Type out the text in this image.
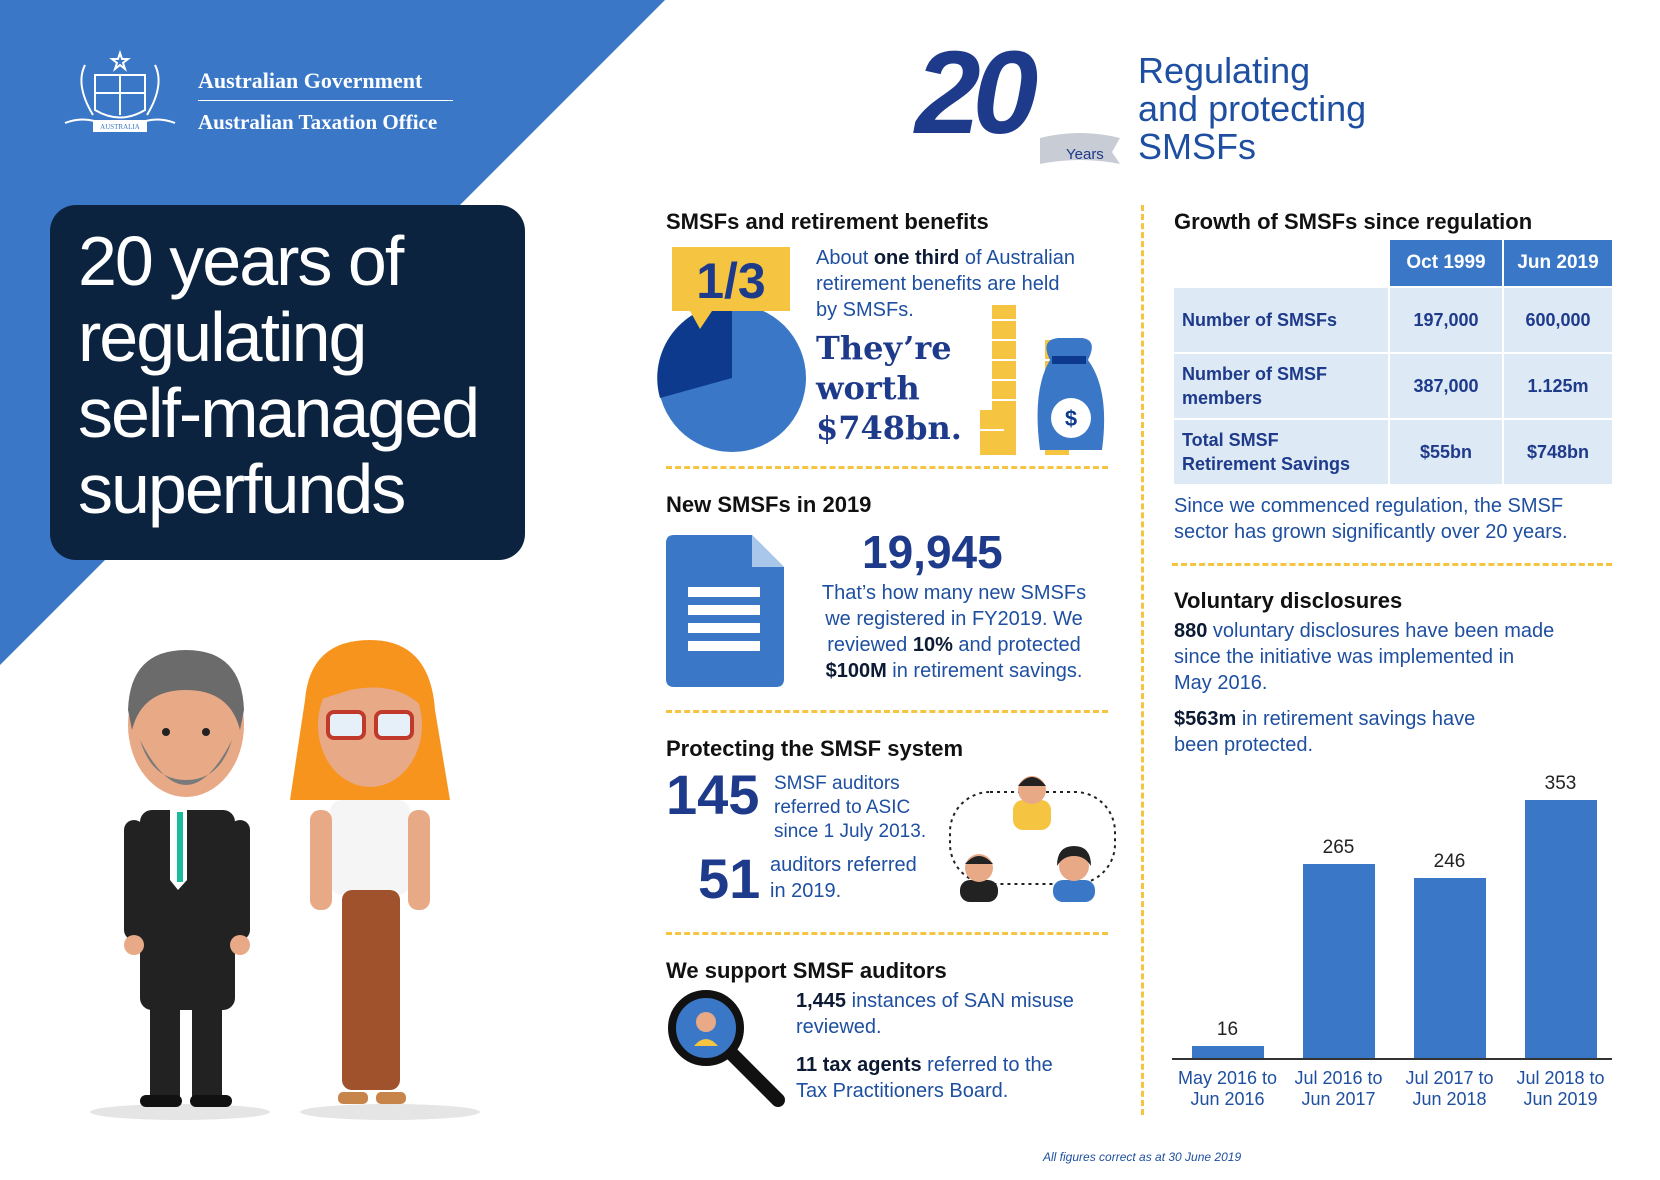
AUSTRALIA
Australian Government
Australian Taxation Office
20 years of
regulating
self-managed
superfunds
20 Years
Regulating
and protecting
SMSFs
SMSFs and retirement benefits
1/3	About one third of Australian
retirement benefits are held
by SMSFs.
They’re
worth
$748bn.	$
New SMSFs in 2019
19,945
That’s how many new SMSFs
we registered in FY2019. We
reviewed 10% and protected
$100M in retirement savings.
Protecting the SMSF system
145 SMSF auditors
referred to ASIC
since 1 July 2013.
51 auditors referred
in 2019.
We support SMSF auditors
1,445 instances of SAN misuse
reviewed.
11 tax agents referred to the
Tax Practitioners Board.
Growth of SMSFs since regulation
	Oct 1999	Jun 2019
Number of SMSFs	197,000	600,000

Number of SMSF
members	387,000	1.125m

Total SMSF
Retirement Savings	$55bn	$748bn
Since we commenced regulation, the SMSF
sector has grown significantly over 20 years.
Voluntary disclosures
880 voluntary disclosures have been made
since the initiative was implemented in
May 2016.
$563m in retirement savings have
been protected.
16
May 2016 to
Jun 2016
265
Jul 2016 to
Jun 2017
246
Jul 2017 to
Jun 2018
353
Jul 2018 to
Jun 2019
All figures correct as at 30 June 2019
